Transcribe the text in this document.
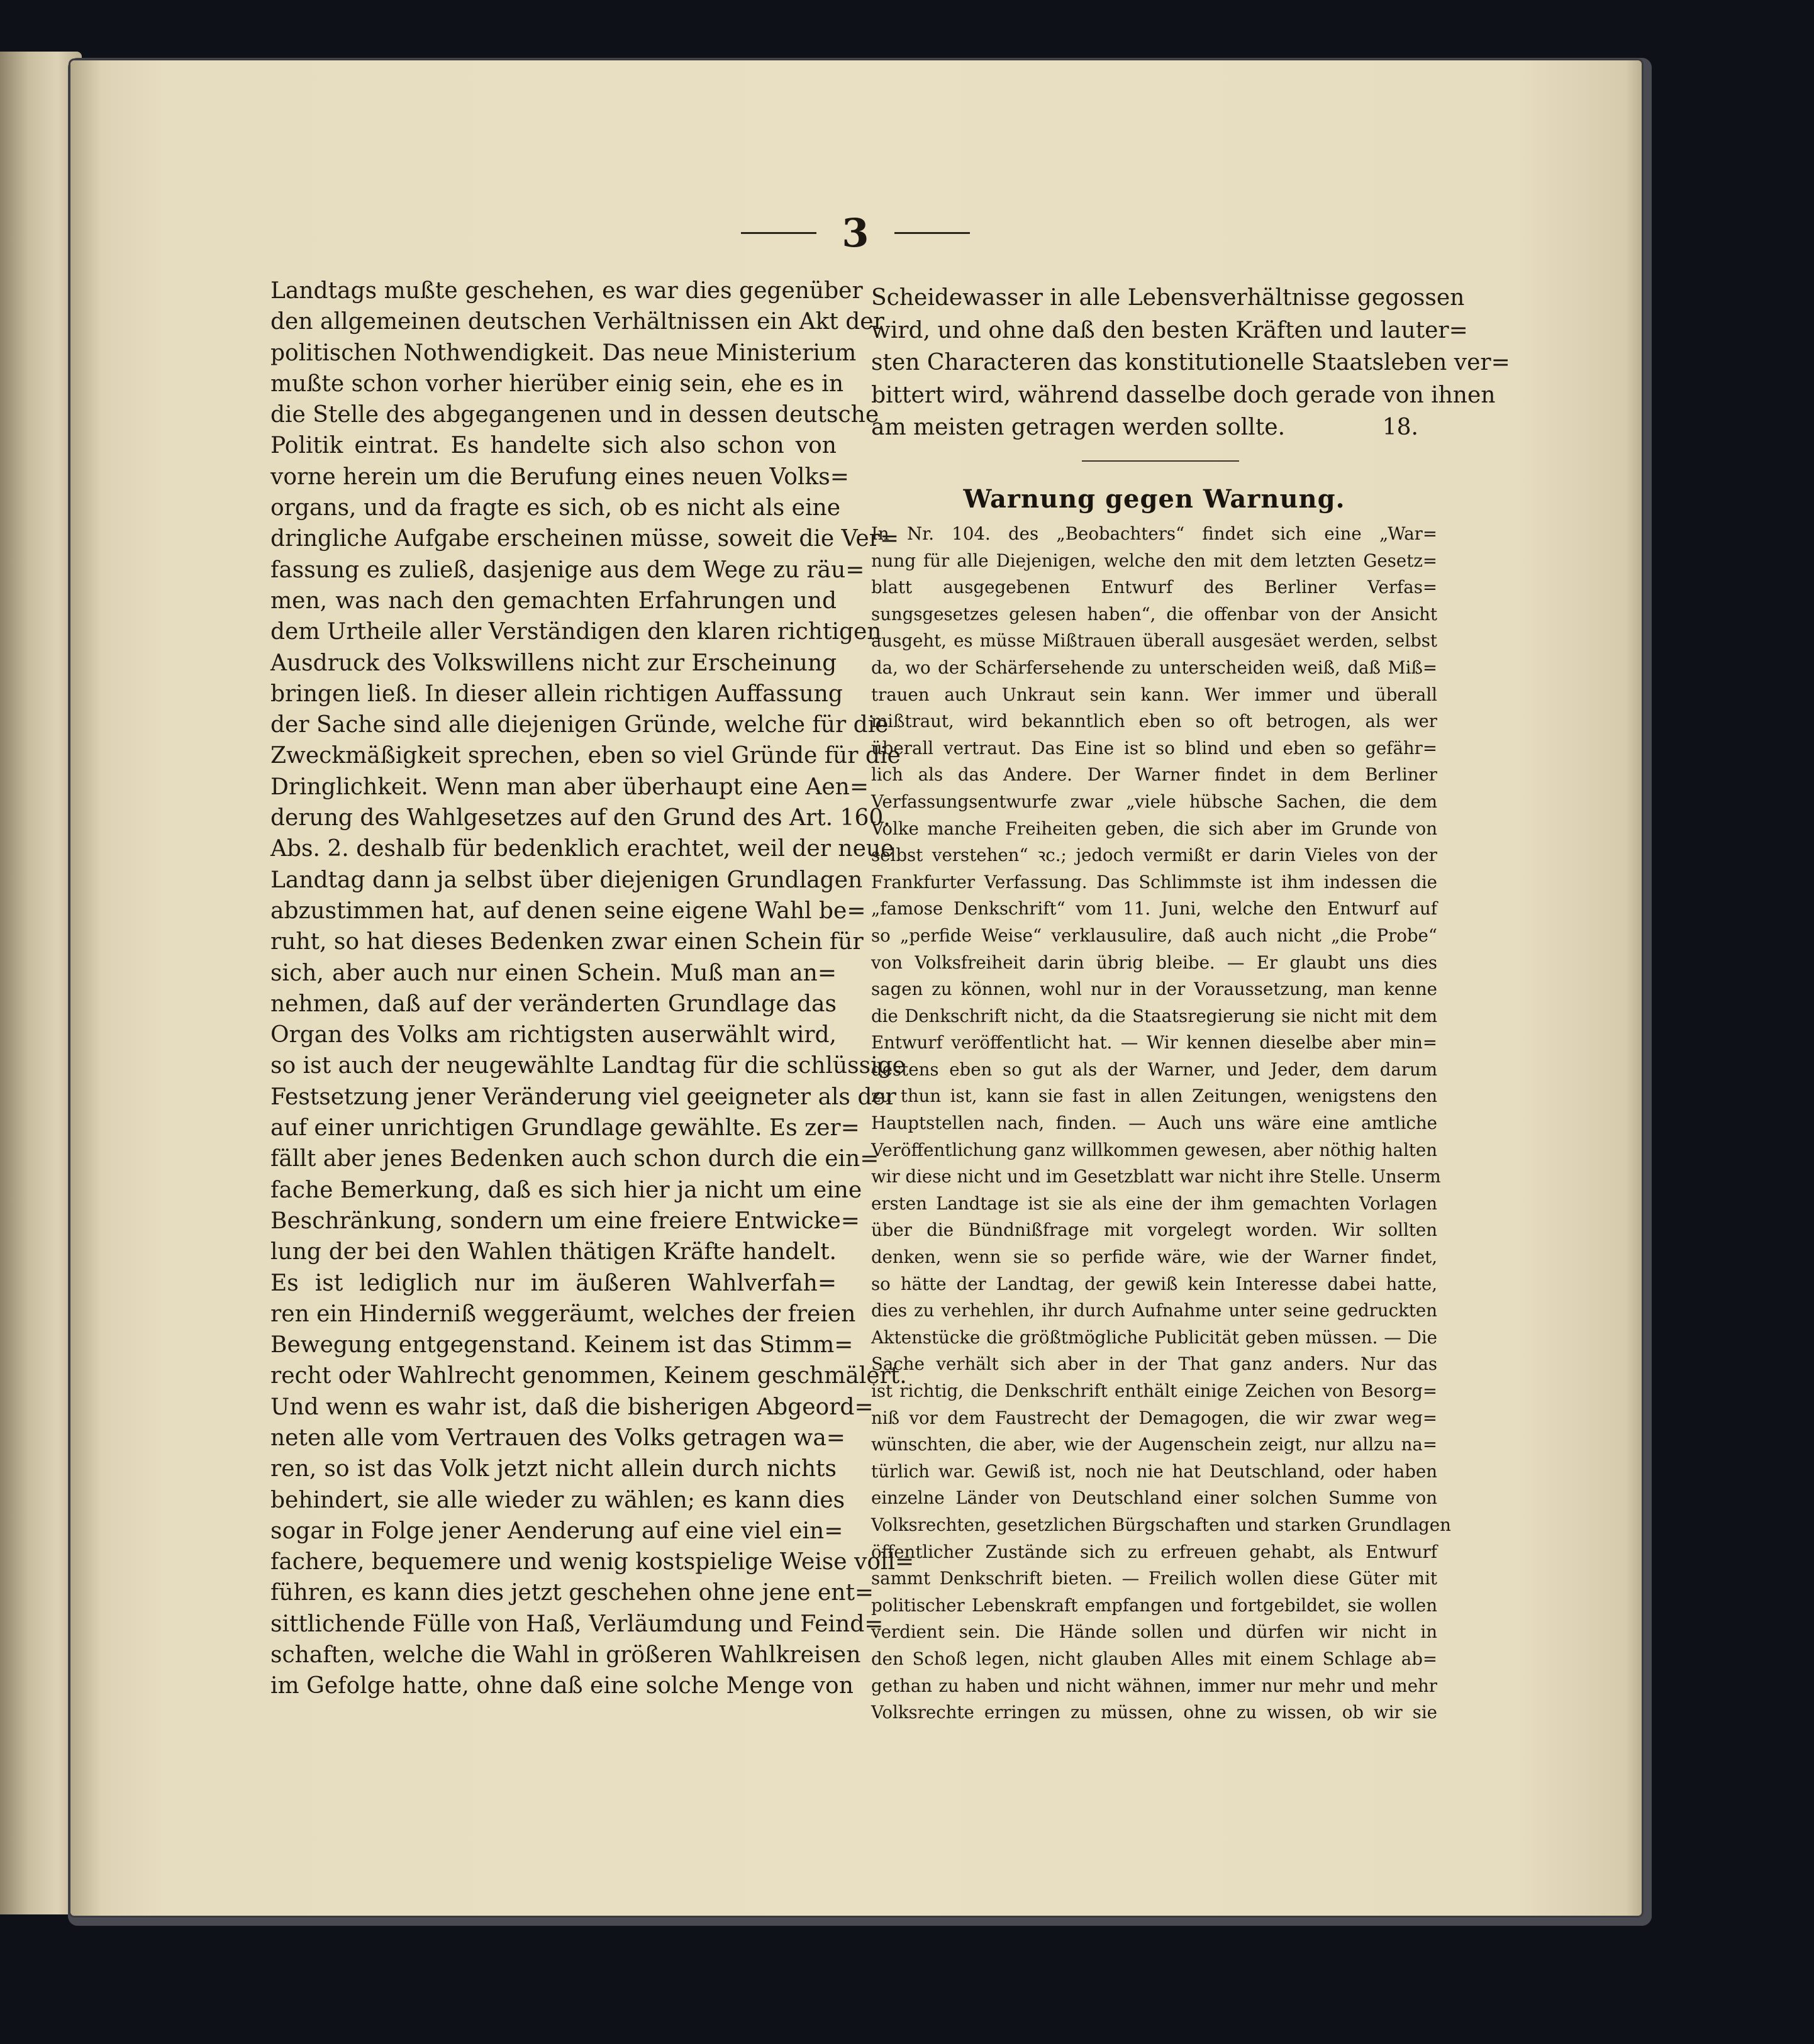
3
Landtags mußte geschehen, es war dies gegenüber
den allgemeinen deutschen Verhältnissen ein Akt der
politischen Nothwendigkeit. Das neue Ministerium
mußte schon vorher hierüber einig sein, ehe es in
die Stelle des abgegangenen und in dessen deutsche
Politik eintrat. Es handelte sich also schon von
vorne herein um die Berufung eines neuen Volks=
organs, und da fragte es sich, ob es nicht als eine
dringliche Aufgabe erscheinen müsse, soweit die Ver=
fassung es zuließ, dasjenige aus dem Wege zu räu=
men, was nach den gemachten Erfahrungen und
dem Urtheile aller Verständigen den klaren richtigen
Ausdruck des Volkswillens nicht zur Erscheinung
bringen ließ. In dieser allein richtigen Auffassung
der Sache sind alle diejenigen Gründe, welche für die
Zweckmäßigkeit sprechen, eben so viel Gründe für die
Dringlichkeit. Wenn man aber überhaupt eine Aen=
derung des Wahlgesetzes auf den Grund des Art. 160.
Abs. 2. deshalb für bedenklich erachtet, weil der neue
Landtag dann ja selbst über diejenigen Grundlagen
abzustimmen hat, auf denen seine eigene Wahl be=
ruht, so hat dieses Bedenken zwar einen Schein für
sich, aber auch nur einen Schein. Muß man an=
nehmen, daß auf der veränderten Grundlage das
Organ des Volks am richtigsten auserwählt wird,
so ist auch der neugewählte Landtag für die schlüssige
Festsetzung jener Veränderung viel geeigneter als der
auf einer unrichtigen Grundlage gewählte. Es zer=
fällt aber jenes Bedenken auch schon durch die ein=
fache Bemerkung, daß es sich hier ja nicht um eine
Beschränkung, sondern um eine freiere Entwicke=
lung der bei den Wahlen thätigen Kräfte handelt.
Es ist lediglich nur im äußeren Wahlverfah=
ren ein Hinderniß weggeräumt, welches der freien
Bewegung entgegenstand. Keinem ist das Stimm=
recht oder Wahlrecht genommen, Keinem geschmälert.
Und wenn es wahr ist, daß die bisherigen Abgeord=
neten alle vom Vertrauen des Volks getragen wa=
ren, so ist das Volk jetzt nicht allein durch nichts
behindert, sie alle wieder zu wählen; es kann dies
sogar in Folge jener Aenderung auf eine viel ein=
fachere, bequemere und wenig kostspielige Weise voll=
führen, es kann dies jetzt geschehen ohne jene ent=
sittlichende Fülle von Haß, Verläumdung und Feind=
schaften, welche die Wahl in größeren Wahlkreisen
im Gefolge hatte, ohne daß eine solche Menge von
Scheidewasser in alle Lebensverhältnisse gegossen
wird, und ohne daß den besten Kräften und lauter=
sten Characteren das konstitutionelle Staatsleben ver=
bittert wird, während dasselbe doch gerade von ihnen
am meisten getragen werden sollte.	18.
Warnung gegen Warnung.
In Nr. 104. des „Beobachters“ findet sich eine „War=
nung für alle Diejenigen, welche den mit dem letzten Gesetz=
blatt ausgegebenen Entwurf des Berliner Verfas=
sungsgesetzes gelesen haben“, die offenbar von der Ansicht
ausgeht, es müsse Mißtrauen überall ausgesäet werden, selbst
da, wo der Schärfersehende zu unterscheiden weiß, daß Miß=
trauen auch Unkraut sein kann. Wer immer und überall
mißtraut, wird bekanntlich eben so oft betrogen, als wer
überall vertraut. Das Eine ist so blind und eben so gefähr=
lich als das Andere. Der Warner findet in dem Berliner
Verfassungsentwurfe zwar „viele hübsche Sachen, die dem
Volke manche Freiheiten geben, die sich aber im Grunde von
selbst verstehen“ ꝛc.; jedoch vermißt er darin Vieles von der
Frankfurter Verfassung. Das Schlimmste ist ihm indessen die
„famose Denkschrift“ vom 11. Juni, welche den Entwurf auf
so „perfide Weise“ verklausulire, daß auch nicht „die Probe“
von Volksfreiheit darin übrig bleibe. — Er glaubt uns dies
sagen zu können, wohl nur in der Voraussetzung, man kenne
die Denkschrift nicht, da die Staatsregierung sie nicht mit dem
Entwurf veröffentlicht hat. — Wir kennen dieselbe aber min=
destens eben so gut als der Warner, und Jeder, dem darum
zu thun ist, kann sie fast in allen Zeitungen, wenigstens den
Hauptstellen nach, finden. — Auch uns wäre eine amtliche
Veröffentlichung ganz willkommen gewesen, aber nöthig halten
wir diese nicht und im Gesetzblatt war nicht ihre Stelle. Unserm
ersten Landtage ist sie als eine der ihm gemachten Vorlagen
über die Bündnißfrage mit vorgelegt worden. Wir sollten
denken, wenn sie so perfide wäre, wie der Warner findet,
so hätte der Landtag, der gewiß kein Interesse dabei hatte,
dies zu verhehlen, ihr durch Aufnahme unter seine gedruckten
Aktenstücke die größtmögliche Publicität geben müssen. — Die
Sache verhält sich aber in der That ganz anders. Nur das
ist richtig, die Denkschrift enthält einige Zeichen von Besorg=
niß vor dem Faustrecht der Demagogen, die wir zwar weg=
wünschten, die aber, wie der Augenschein zeigt, nur allzu na=
türlich war. Gewiß ist, noch nie hat Deutschland, oder haben
einzelne Länder von Deutschland einer solchen Summe von
Volksrechten, gesetzlichen Bürgschaften und starken Grundlagen
öffentlicher Zustände sich zu erfreuen gehabt, als Entwurf
sammt Denkschrift bieten. — Freilich wollen diese Güter mit
politischer Lebenskraft empfangen und fortgebildet, sie wollen
verdient sein. Die Hände sollen und dürfen wir nicht in
den Schoß legen, nicht glauben Alles mit einem Schlage ab=
gethan zu haben und nicht wähnen, immer nur mehr und mehr
Volksrechte erringen zu müssen, ohne zu wissen, ob wir sie
